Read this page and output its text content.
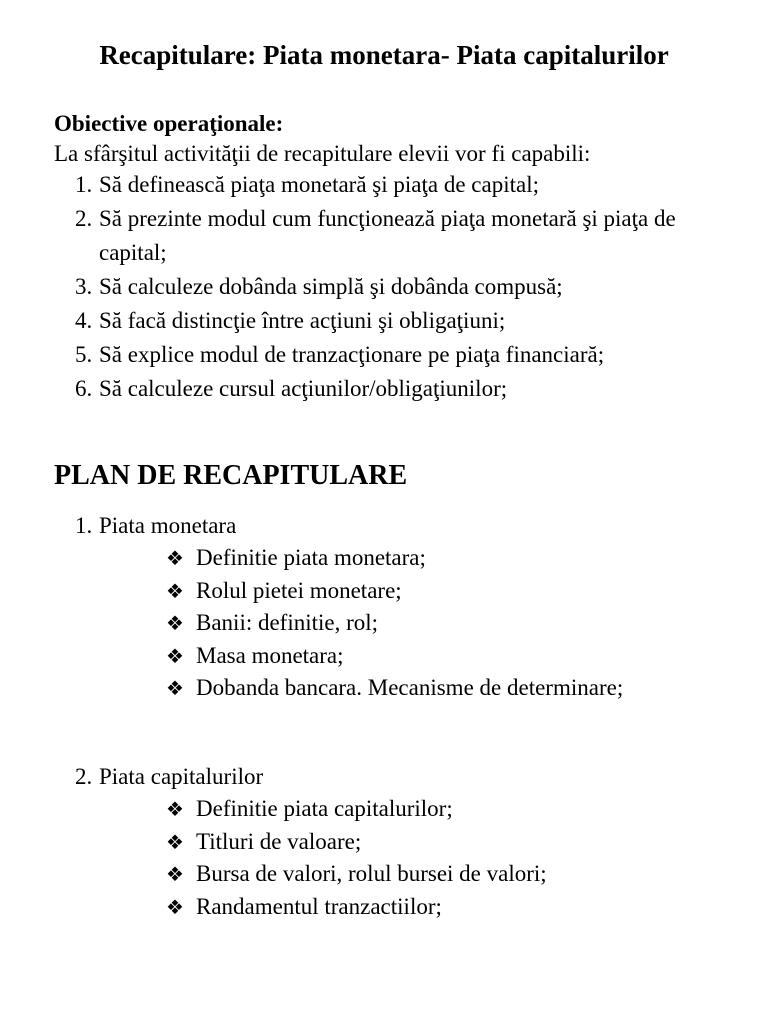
Recapitulare: Piata monetara- Piata capitalurilor
Obiective operaţionale:
La sfârşitul activităţii de recapitulare elevii vor fi capabili:
1. Să definească piaţa monetară şi piaţa de capital;
2. Să prezinte modul cum funcţionează piaţa monetară şi piaţa de capital;
3. Să calculeze dobânda simplă şi dobânda compusă;
4. Să facă distincţie între acţiuni şi obligaţiuni;
5. Să explice modul de tranzacţionare pe piaţa financiară;
6. Să calculeze cursul acţiunilor/obligaţiunilor;
PLAN DE RECAPITULARE
1. Piata monetara
❖ Definitie piata monetara;
❖ Rolul pietei monetare;
❖ Banii: definitie, rol;
❖ Masa monetara;
❖ Dobanda bancara. Mecanisme de determinare;
2. Piata capitalurilor
❖ Definitie piata capitalurilor;
❖ Titluri de valoare;
❖ Bursa de valori, rolul bursei de valori;
❖ Randamentul tranzactiilor;
